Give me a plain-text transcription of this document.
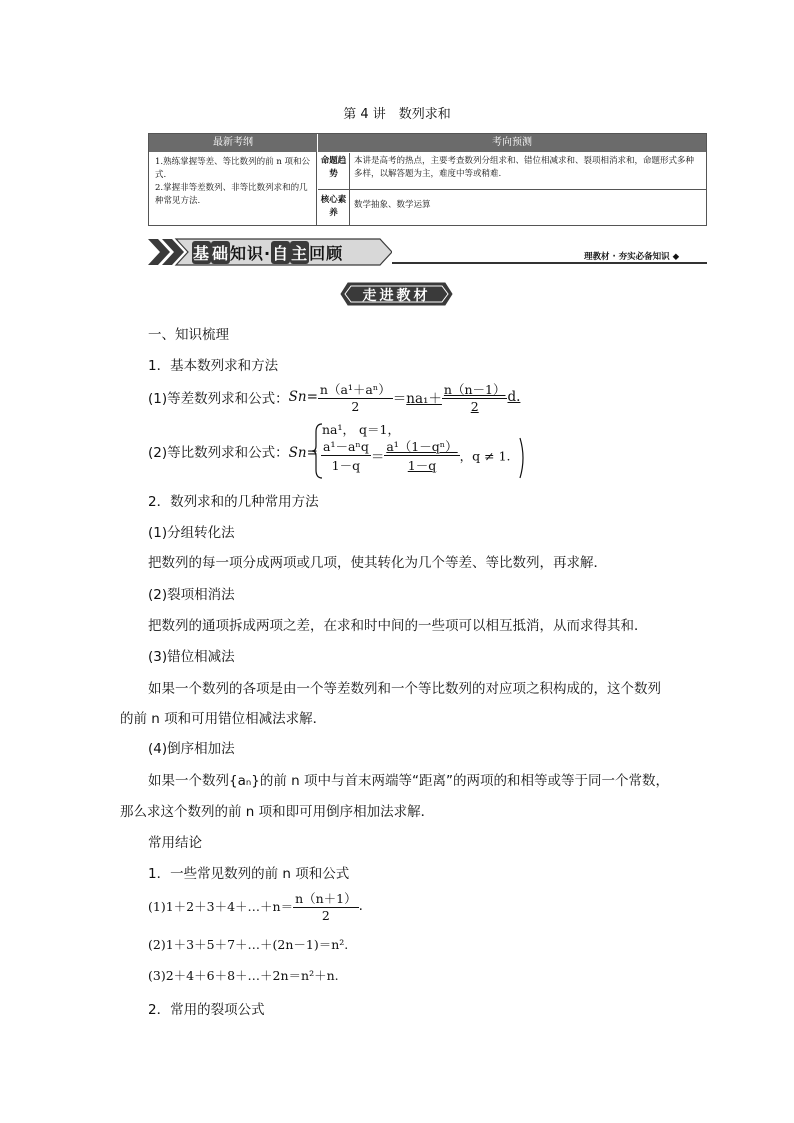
第 4 讲　数列求和
最新考纲	考向预测
1.熟练掌握等差、等比数列的前 n 项和公式.
2.掌握非等差数列、非等比数列求和的几种常见方法.
命题趋势
本讲是高考的热点，主要考查数列分组求和、错位相减求和、裂项相消求和，命题形式多种多样，以解答题为主，难度中等或稍难.
核心素养
数学抽象、数学运算
基 础知识·自 主回顾	理教材 · 夯实必备知识 ◆
走进教材
一、知识梳理
1．基本数列求和方法
(1)等差数列求和公式：$Sn= \frac{\text{n（a¹＋aⁿ）}}{2} =na_1+ \frac{n(n-1)}{2} d$.
(2)等比数列求和公式：Sn=
na¹， q＝1，
$\frac{\text{a¹－aⁿq}}{1-q} = \frac{\text{a¹（1－qⁿ）}}{1-q}$ ，q ≠ 1.
2．数列求和的几种常用方法
(1)分组转化法
把数列的每一项分成两项或几项，使其转化为几个等差、等比数列，再求解．
(2)裂项相消法
把数列的通项拆成两项之差，在求和时中间的一些项可以相互抵消，从而求得其和．
(3)错位相减法
如果一个数列的各项是由一个等差数列和一个等比数列的对应项之积构成的，这个数列
的前 n 项和可用错位相减法求解．
(4)倒序相加法
如果一个数列{aₙ}的前 n 项中与首末两端等“距离”的两项的和相等或等于同一个常数，
那么求这个数列的前 n 项和即可用倒序相加法求解．
常用结论
1．一些常见数列的前 n 项和公式
(1)1＋2＋3＋4＋…＋n＝ $\frac{n(n+1)}{2}$ .
(2)1＋3＋5＋7＋…＋(2n－1)＝n².
(3)2＋4＋6＋8＋…＋2n＝n²＋n.
2．常用的裂项公式
